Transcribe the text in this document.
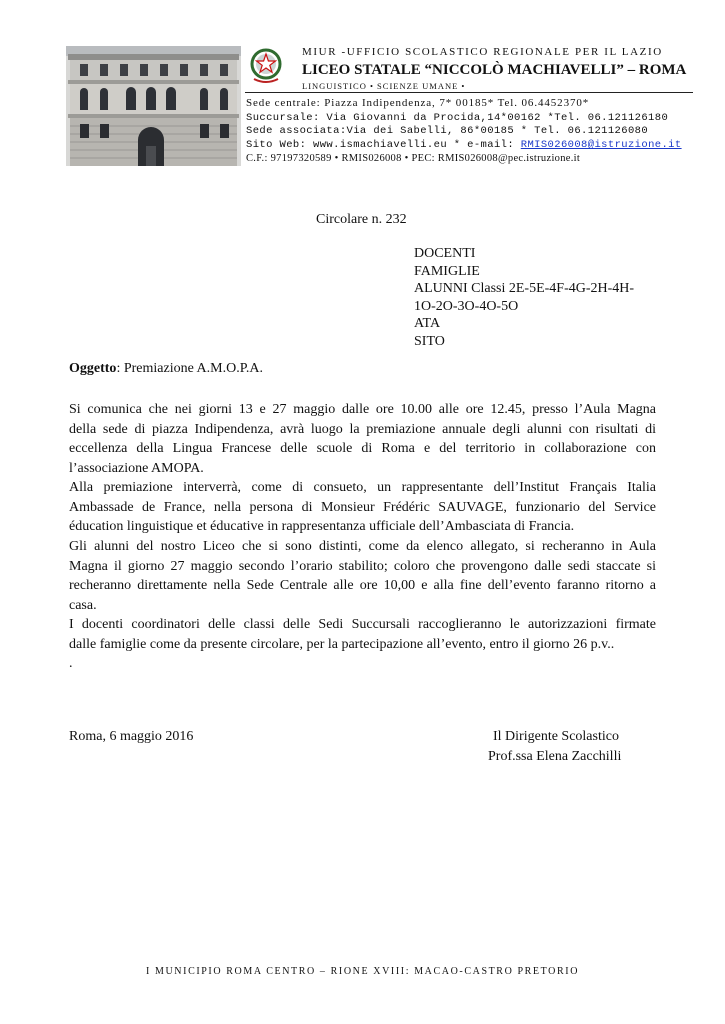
MIUR -UFFICIO SCOLASTICO REGIONALE PER IL LAZIO
LICEO STATALE “NICCOLÒ MACHIAVELLI” – ROMA
LINGUISTICO • SCIENZE UMANE •
Sede centrale: Piazza Indipendenza, 7* 00185* Tel. 06.4452370*
Succursale: Via Giovanni da Procida,14*00162 *Tel. 06.121126180
Sede associata:Via dei Sabelli, 86*00185 * Tel. 06.121126080
Sito Web: www.ismachiavelli.eu * e-mail: RMIS026008@istruzione.it
C.F.: 97197320589 • RMIS026008 • PEC: RMIS026008@pec.istruzione.it
Circolare n. 232
DOCENTI
FAMIGLIE
ALUNNI Classi 2E-5E-4F-4G-2H-4H-
1O-2O-3O-4O-5O
ATA
SITO
Oggetto: Premiazione A.M.O.P.A.
Si comunica che nei giorni 13 e 27 maggio dalle ore 10.00 alle ore 12.45, presso l’Aula Magna
della sede di piazza Indipendenza, avrà luogo la premiazione annuale degli alunni con risultati di
eccellenza della Lingua Francese delle scuole di Roma e del territorio in collaborazione con
l’associazione AMOPA.
Alla premiazione interverrà, come di consueto, un rappresentante dell’Institut Français Italia
Ambassade de France, nella persona di Monsieur Frédéric SAUVAGE, funzionario del Service
éducation linguistique et éducative in rappresentanza ufficiale dell’Ambasciata di Francia.
Gli alunni del nostro Liceo che si sono distinti, come da elenco allegato, si recheranno in Aula
Magna il giorno 27 maggio secondo l’orario stabilito; coloro che provengono dalle sedi staccate si
recheranno direttamente nella Sede Centrale alle ore 10,00 e alla fine dell’evento faranno ritorno a
casa.
I docenti coordinatori delle classi delle Sedi Succursali raccoglieranno le autorizzazioni firmate
dalle famiglie come da presente circolare, per la partecipazione all’evento, entro il giorno 26 p.v..
.
Roma, 6 maggio 2016	Il Dirigente Scolastico
Prof.ssa Elena Zacchilli
I MUNICIPIO ROMA CENTRO – RIONE XVIII: MACAO-CASTRO PRETORIO
